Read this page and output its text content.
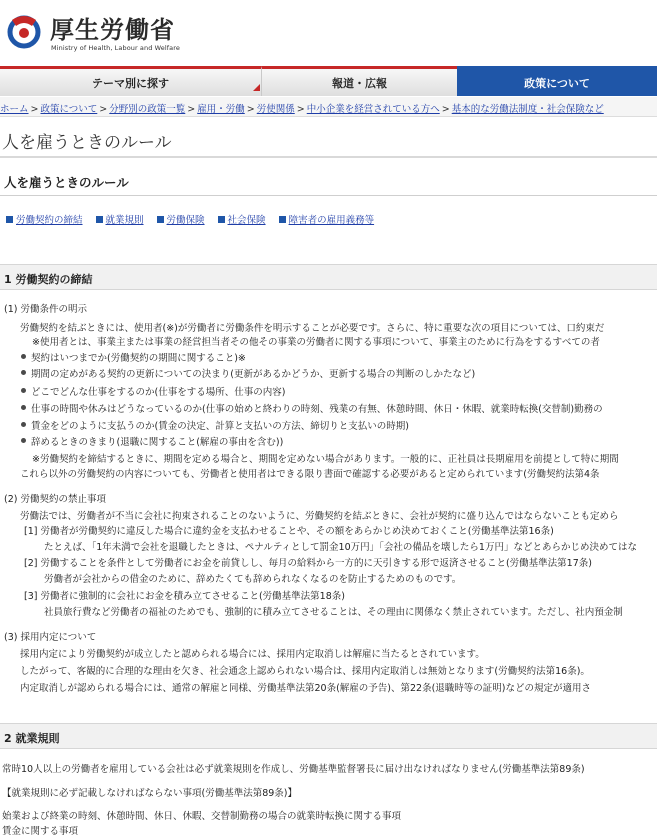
厚生労働省
Ministry of Health, Labour and Welfare
テーマ別に探す	報道・広報	政策について
ホーム > 政策について > 分野別の政策一覧 > 雇用・労働 > 労使関係 > 中小企業を経営されている方へ > 基本的な労働法制度・社会保険など
人を雇うときのルール
人を雇うときのルール
労働契約の締結 就業規則 労働保険 社会保険 障害者の雇用義務等
1 労働契約の締結
(1) 労働条件の明示
労働契約を結ぶときには、使用者(※)が労働者に労働条件を明示することが必要です。さらに、特に重要な次の項目については、口約束だ
※使用者とは、事業主または事業の経営担当者その他その事業の労働者に関する事項について、事業主のために行為をするすべての者
契約はいつまでか(労働契約の期間に関すること)※
期間の定めがある契約の更新についての決まり(更新があるかどうか、更新する場合の判断のしかたなど)
どこでどんな仕事をするのか(仕事をする場所、仕事の内容)
仕事の時間や休みはどうなっているのか(仕事の始めと終わりの時刻、残業の有無、休憩時間、休日・休暇、就業時転換(交替制)勤務の
賃金をどのように支払うのか(賃金の決定、計算と支払いの方法、締切りと支払いの時期)
辞めるときのきまり(退職に関すること(解雇の事由を含む))
※労働契約を締結するときに、期間を定める場合と、期間を定めない場合があります。一般的に、正社員は長期雇用を前提として特に期間
これら以外の労働契約の内容についても、労働者と使用者はできる限り書面で確認する必要があると定められています(労働契約法第4条
(2) 労働契約の禁止事項
労働法では、労働者が不当に会社に拘束されることのないように、労働契約を結ぶときに、会社が契約に盛り込んではならないことも定めら
[1] 労働者が労働契約に違反した場合に違約金を支払わせることや、その額をあらかじめ決めておくこと(労働基準法第16条)
たとえば、「1年未満で会社を退職したときは、ペナルティとして罰金10万円」「会社の備品を壊したら1万円」などとあらかじめ決めてはな
[2] 労働することを条件として労働者にお金を前貸しし、毎月の給料から一方的に天引きする形で返済させること(労働基準法第17条)
労働者が会社からの借金のために、辞めたくても辞められなくなるのを防止するためのものです。
[3] 労働者に強制的に会社にお金を積み立てさせること(労働基準法第18条)
社員旅行費など労働者の福祉のためでも、強制的に積み立てさせることは、その理由に関係なく禁止されています。ただし、社内預金制
(3) 採用内定について
採用内定により労働契約が成立したと認められる場合には、採用内定取消しは解雇に当たるとされています。
したがって、客観的に合理的な理由を欠き、社会通念上認められない場合は、採用内定取消しは無効となります(労働契約法第16条)。
内定取消しが認められる場合には、通常の解雇と同様、労働基準法第20条(解雇の予告)、第22条(退職時等の証明)などの規定が適用さ
2 就業規則
常時10人以上の労働者を雇用している会社は必ず就業規則を作成し、労働基準監督署長に届け出なければなりません(労働基準法第89条)
【就業規則に必ず記載しなければならない事項(労働基準法第89条)】
始業および終業の時刻、休憩時間、休日、休暇、交替制勤務の場合の就業時転換に関する事項
賃金に関する事項
